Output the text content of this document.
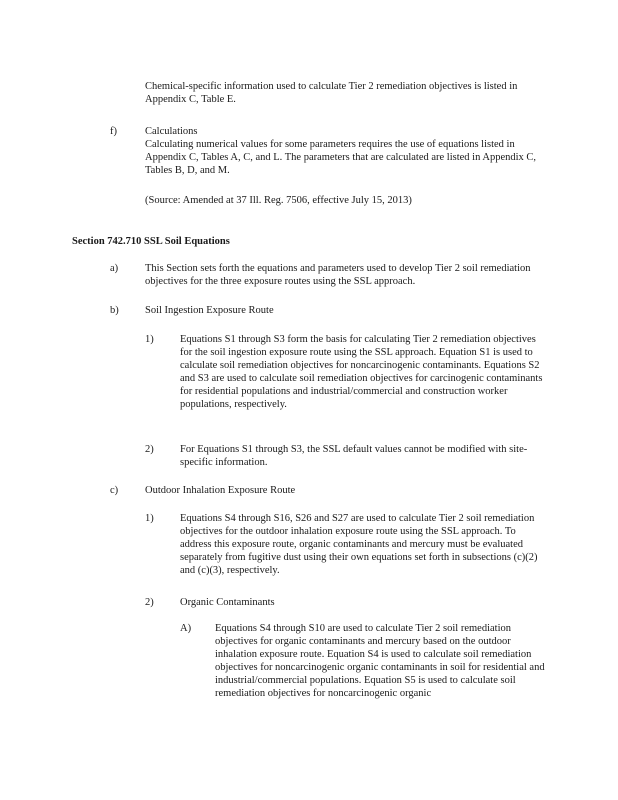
Chemical-specific information used to calculate Tier 2 remediation objectives is listed in Appendix C, Table E.
f)	Calculations
Calculating numerical values for some parameters requires the use of equations listed in Appendix C, Tables A, C, and L. The parameters that are calculated are listed in Appendix C, Tables B, D, and M.
(Source: Amended at 37 Ill. Reg. 7506, effective July 15, 2013)
Section 742.710 SSL Soil Equations
a)	This Section sets forth the equations and parameters used to develop Tier 2 soil remediation objectives for the three exposure routes using the SSL approach.
b)	Soil Ingestion Exposure Route
1)	Equations S1 through S3 form the basis for calculating Tier 2 remediation objectives for the soil ingestion exposure route using the SSL approach. Equation S1 is used to calculate soil remediation objectives for noncarcinogenic contaminants. Equations S2 and S3 are used to calculate soil remediation objectives for carcinogenic contaminants for residential populations and industrial/commercial and construction worker populations, respectively.
2)	For Equations S1 through S3, the SSL default values cannot be modified with site-specific information.
c)	Outdoor Inhalation Exposure Route
1)	Equations S4 through S16, S26 and S27 are used to calculate Tier 2 soil remediation objectives for the outdoor inhalation exposure route using the SSL approach. To address this exposure route, organic contaminants and mercury must be evaluated separately from fugitive dust using their own equations set forth in subsections (c)(2) and (c)(3), respectively.
2)	Organic Contaminants
A) Equations S4 through S10 are used to calculate Tier 2 soil remediation objectives for organic contaminants and mercury based on the outdoor inhalation exposure route. Equation S4 is used to calculate soil remediation objectives for noncarcinogenic organic contaminants in soil for residential and industrial/commercial populations. Equation S5 is used to calculate soil remediation objectives for noncarcinogenic organic
